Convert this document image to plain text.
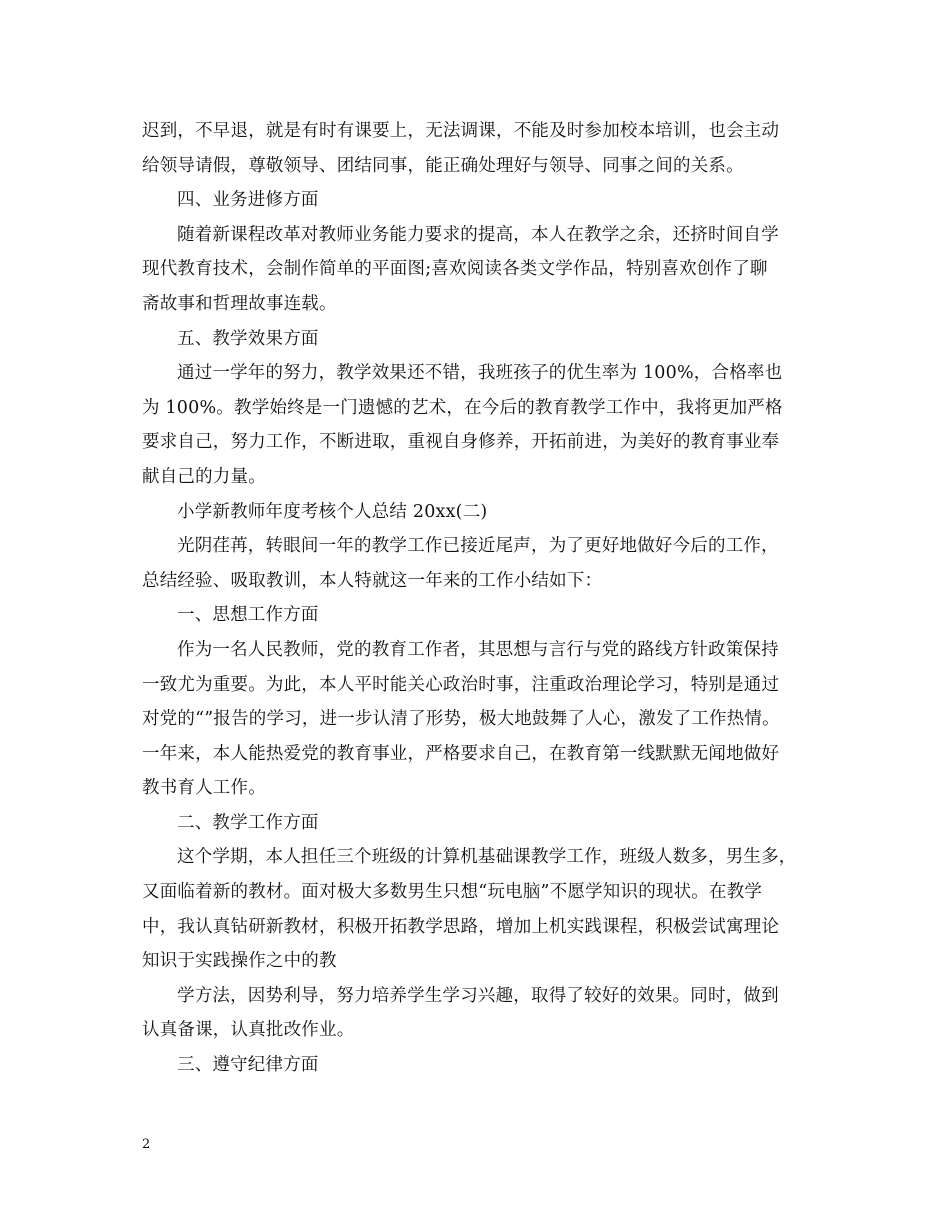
迟到，不早退，就是有时有课要上，无法调课，不能及时参加校本培训，也会主动
给领导请假，尊敬领导、团结同事，能正确处理好与领导、同事之间的关系。
四、业务进修方面
随着新课程改革对教师业务能力要求的提高，本人在教学之余，还挤时间自学
现代教育技术，会制作简单的平面图;喜欢阅读各类文学作品，特别喜欢创作了聊
斋故事和哲理故事连载。
五、教学效果方面
通过一学年的努力，教学效果还不错，我班孩子的优生率为 100%，合格率也
为 100%。教学始终是一门遗憾的艺术，在今后的教育教学工作中，我将更加严格
要求自己，努力工作，不断进取，重视自身修养，开拓前进，为美好的教育事业奉
献自己的力量。
小学新教师年度考核个人总结 20xx(二)
光阴荏苒，转眼间一年的教学工作已接近尾声，为了更好地做好今后的工作，
总结经验、吸取教训，本人特就这一年来的工作小结如下：
一、思想工作方面
作为一名人民教师，党的教育工作者，其思想与言行与党的路线方针政策保持
一致尤为重要。为此，本人平时能关心政治时事，注重政治理论学习，特别是通过
对党的“”报告的学习，进一步认清了形势，极大地鼓舞了人心，激发了工作热情。
一年来，本人能热爱党的教育事业，严格要求自己，在教育第一线默默无闻地做好
教书育人工作。
二、教学工作方面
这个学期，本人担任三个班级的计算机基础课教学工作，班级人数多，男生多，
又面临着新的教材。面对极大多数男生只想“玩电脑”不愿学知识的现状。在教学
中，我认真钻研新教材，积极开拓教学思路，增加上机实践课程，积极尝试寓理论
知识于实践操作之中的教
学方法，因势利导，努力培养学生学习兴趣，取得了较好的效果。同时，做到
认真备课，认真批改作业。
三、遵守纪律方面
2
